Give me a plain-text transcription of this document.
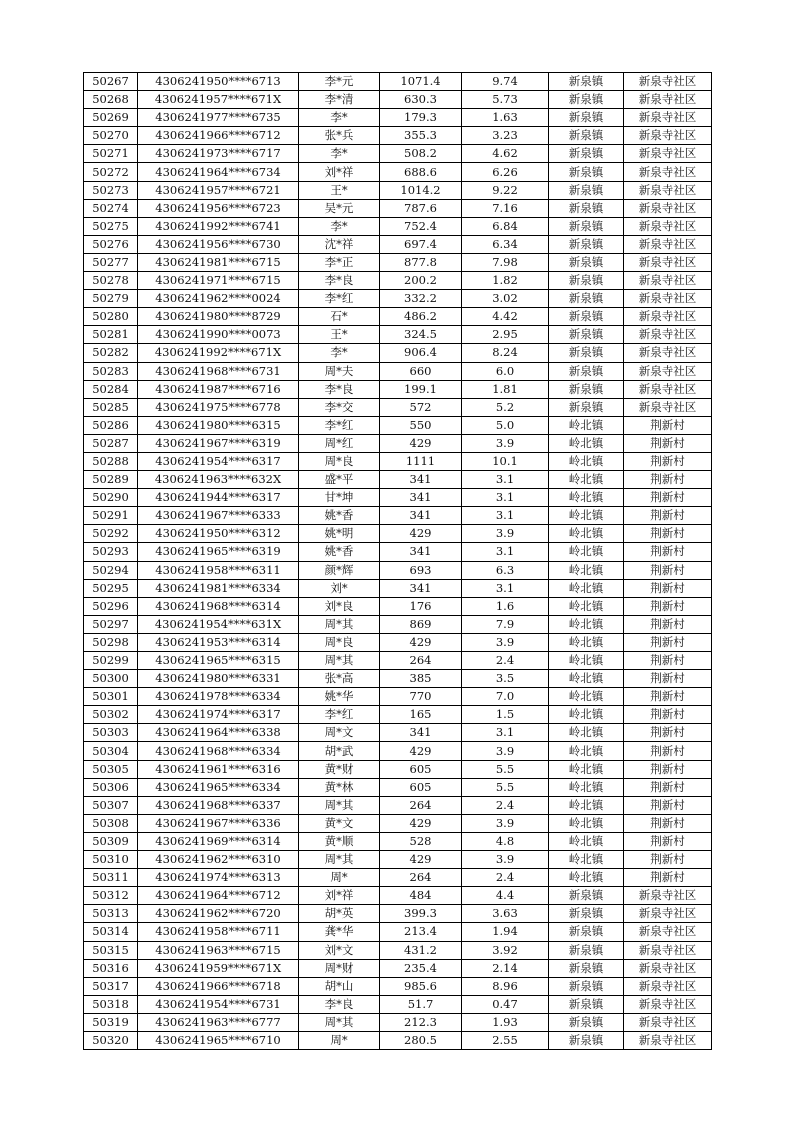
50267	4306241950****6713	李*元	1071.4	9.74	新泉镇	新泉寺社区
50268	4306241957****671X	李*清	630.3	5.73	新泉镇	新泉寺社区
50269	4306241977****6735	李*	179.3	1.63	新泉镇	新泉寺社区
50270	4306241966****6712	张*兵	355.3	3.23	新泉镇	新泉寺社区
50271	4306241973****6717	李*	508.2	4.62	新泉镇	新泉寺社区
50272	4306241964****6734	刘*祥	688.6	6.26	新泉镇	新泉寺社区
50273	4306241957****6721	王*	1014.2	9.22	新泉镇	新泉寺社区
50274	4306241956****6723	吴*元	787.6	7.16	新泉镇	新泉寺社区
50275	4306241992****6741	李*	752.4	6.84	新泉镇	新泉寺社区
50276	4306241956****6730	沈*祥	697.4	6.34	新泉镇	新泉寺社区
50277	4306241981****6715	李*正	877.8	7.98	新泉镇	新泉寺社区
50278	4306241971****6715	李*良	200.2	1.82	新泉镇	新泉寺社区
50279	4306241962****0024	李*红	332.2	3.02	新泉镇	新泉寺社区
50280	4306241980****8729	石*	486.2	4.42	新泉镇	新泉寺社区
50281	4306241990****0073	王*	324.5	2.95	新泉镇	新泉寺社区
50282	4306241992****671X	李*	906.4	8.24	新泉镇	新泉寺社区
50283	4306241968****6731	周*夫	660	6.0	新泉镇	新泉寺社区
50284	4306241987****6716	李*良	199.1	1.81	新泉镇	新泉寺社区
50285	4306241975****6778	李*交	572	5.2	新泉镇	新泉寺社区
50286	4306241980****6315	李*红	550	5.0	岭北镇	荆新村
50287	4306241967****6319	周*红	429	3.9	岭北镇	荆新村
50288	4306241954****6317	周*良	1111	10.1	岭北镇	荆新村
50289	4306241963****632X	盛*平	341	3.1	岭北镇	荆新村
50290	4306241944****6317	甘*坤	341	3.1	岭北镇	荆新村
50291	4306241967****6333	姚*香	341	3.1	岭北镇	荆新村
50292	4306241950****6312	姚*明	429	3.9	岭北镇	荆新村
50293	4306241965****6319	姚*香	341	3.1	岭北镇	荆新村
50294	4306241958****6311	颜*辉	693	6.3	岭北镇	荆新村
50295	4306241981****6334	刘*	341	3.1	岭北镇	荆新村
50296	4306241968****6314	刘*良	176	1.6	岭北镇	荆新村
50297	4306241954****631X	周*其	869	7.9	岭北镇	荆新村
50298	4306241953****6314	周*良	429	3.9	岭北镇	荆新村
50299	4306241965****6315	周*其	264	2.4	岭北镇	荆新村
50300	4306241980****6331	张*高	385	3.5	岭北镇	荆新村
50301	4306241978****6334	姚*华	770	7.0	岭北镇	荆新村
50302	4306241974****6317	李*红	165	1.5	岭北镇	荆新村
50303	4306241964****6338	周*文	341	3.1	岭北镇	荆新村
50304	4306241968****6334	胡*武	429	3.9	岭北镇	荆新村
50305	4306241961****6316	黄*财	605	5.5	岭北镇	荆新村
50306	4306241965****6334	黄*林	605	5.5	岭北镇	荆新村
50307	4306241968****6337	周*其	264	2.4	岭北镇	荆新村
50308	4306241967****6336	黄*文	429	3.9	岭北镇	荆新村
50309	4306241969****6314	黄*顺	528	4.8	岭北镇	荆新村
50310	4306241962****6310	周*其	429	3.9	岭北镇	荆新村
50311	4306241974****6313	周*	264	2.4	岭北镇	荆新村
50312	4306241964****6712	刘*祥	484	4.4	新泉镇	新泉寺社区
50313	4306241962****6720	胡*英	399.3	3.63	新泉镇	新泉寺社区
50314	4306241958****6711	龚*华	213.4	1.94	新泉镇	新泉寺社区
50315	4306241963****6715	刘*文	431.2	3.92	新泉镇	新泉寺社区
50316	4306241959****671X	周*财	235.4	2.14	新泉镇	新泉寺社区
50317	4306241966****6718	胡*山	985.6	8.96	新泉镇	新泉寺社区
50318	4306241954****6731	李*良	51.7	0.47	新泉镇	新泉寺社区
50319	4306241963****6777	周*其	212.3	1.93	新泉镇	新泉寺社区
50320	4306241965****6710	周*	280.5	2.55	新泉镇	新泉寺社区
